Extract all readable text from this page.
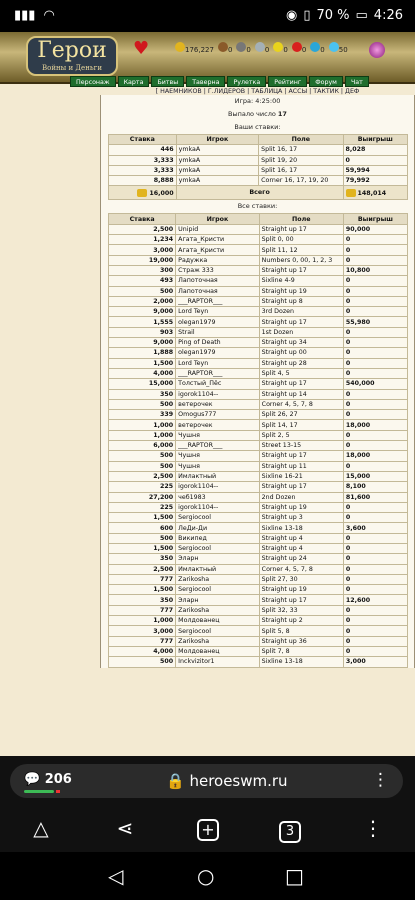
▮▮▮ ◠	◉ ▯ 70 % ▭ 4:26
Герои
Войны и Деньги
♥	176,227	0	0	0	0	0	0	50
Персонаж	Карта	Битвы	Таверна	Рулетка	Рейтинг	Форум	Чат
[ НАЕМНИКОВ | Г.ЛИДЕРОВ | ТАБЛИЦА | АССЫ | ТАКТИК | ДЕФ
Игра: 4:25:00
Выпало число 17
Ваши ставки:
Ставка	Игрок	Поле	Выигрыш
446	ymkaA	Split 16, 17	8,028
3,333	ymkaA	Split 19, 20	0
3,333	ymkaA	Split 16, 17	59,994
8,888	ymkaA	Corner 16, 17, 19, 20	79,992
16,000	Всего		148,014
Все ставки:
Ставка	Игрок	Поле	Выигрыш
2,500	Unipid	Straight up 17	90,000
1,234	Агата_Кристи	Split 0, 00	0
3,000	Агата_Кристи	Split 11, 12	0
19,000	Радужка	Numbers 0, 00, 1, 2, 3	0
300	Страж 333	Straight up 17	10,800
493	Лапоточная	Sixline 4-9	0
500	Лапоточная	Straight up 19	0
2,000	___RAPTOR___	Straight up 8	0
9,000	Lord Teyn	3rd Dozen	0
1,555	olegan1979	Straight up 17	55,980
903	Strail	1st Dozen	0
9,000	Ping of Death	Straight up 34	0
1,888	olegan1979	Straight up 00	0
1,500	Lord Teyn	Straight up 28	0
4,000	___RAPTOR___	Split 4, 5	0
15,000	Толстый_Пёс	Straight up 17	540,000
350	igorok1104--	Straight up 14	0
500	ветерочек	Corner 4, 5, 7, 8	0
339	Omogus777	Split 26, 27	0
1,000	ветерочек	Split 14, 17	18,000
1,000	Чушня	Split 2, 5	0
6,000	___RAPTOR___	Street 13-15	0
500	Чушня	Straight up 17	18,000
500	Чушня	Straight up 11	0
2,500	Имлактный	Sixline 16-21	15,000
225	igorok1104--	Straight up 17	8,100
27,200	чеб1983	2nd Dozen	81,600
225	igorok1104--	Straight up 19	0
1,500	Sergiocool	Straight up 3	0
600	ЛеДи-Ди	Sixline 13-18	3,600
500	Википед	Straight up 4	0
1,500	Sergiocool	Straight up 4	0
350	Эларн	Straight up 24	0
2,500	Имлактный	Corner 4, 5, 7, 8	0
777	Zarikosha	Split 27, 30	0
1,500	Sergiocool	Straight up 19	0
350	Эларн	Straight up 17	12,600
777	Zarikosha	Split 32, 33	0
1,000	Молдованец	Straight up 2	0
3,000	Sergiocool	Split 5, 8	0
777	Zarikosha	Straight up 36	0
4,000	Молдованец	Split 7, 8	0
500	Inckvizitor1	Sixline 13-18	3,000
💬 206	🔒 heroeswm.ru	⋮
△	⋖	+	3	⋮
◁	○	□
